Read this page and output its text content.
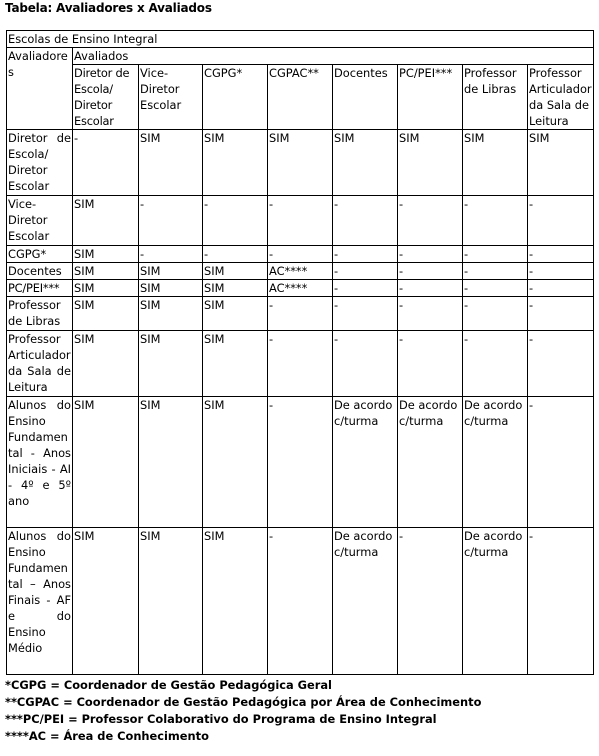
Tabela: Avaliadores x Avaliados
Escolas de Ensino Integral								
Avaliadores	Avaliados							
	Diretor de Escola/ Diretor Escolar	Vice-Diretor Escolar	CGPG*	CGPAC**	Docentes	PC/PEI***	Professor de Libras	Professor Articulador da Sala de Leitura
Diretor de Escola/ Diretor Escolar	-	SIM	SIM	SIM	SIM	SIM	SIM	SIM
Vice-Diretor Escolar	SIM	-	-	-	-	-	-	-
CGPG*	SIM	-	-	-	-	-	-	-
Docentes	SIM	SIM	SIM	AC****	-	-	-	-
PC/PEI***	SIM	SIM	SIM	AC****	-	-	-	-
Professor de Libras	SIM	SIM	SIM	-	-	-	-	-
Professor Articulador da Sala de Leitura	SIM	SIM	SIM	-	-	-	-	-
Alunos do Ensino Fundamental - Anos Iniciais - AI - 4º e 5º ano	SIM	SIM	SIM	-	De acordo c/turma	De acordo c/turma	De acordo c/turma	-
Alunos do Ensino Fundamental – Anos Finais - AF e do Ensino Médio	SIM	SIM	SIM	-	De acordo c/turma	-	De acordo c/turma	-
*CGPG = Coordenador de Gestão Pedagógica Geral
**CGPAC = Coordenador de Gestão Pedagógica por Área de Conhecimento
***PC/PEI = Professor Colaborativo do Programa de Ensino Integral
****AC = Área de Conhecimento
